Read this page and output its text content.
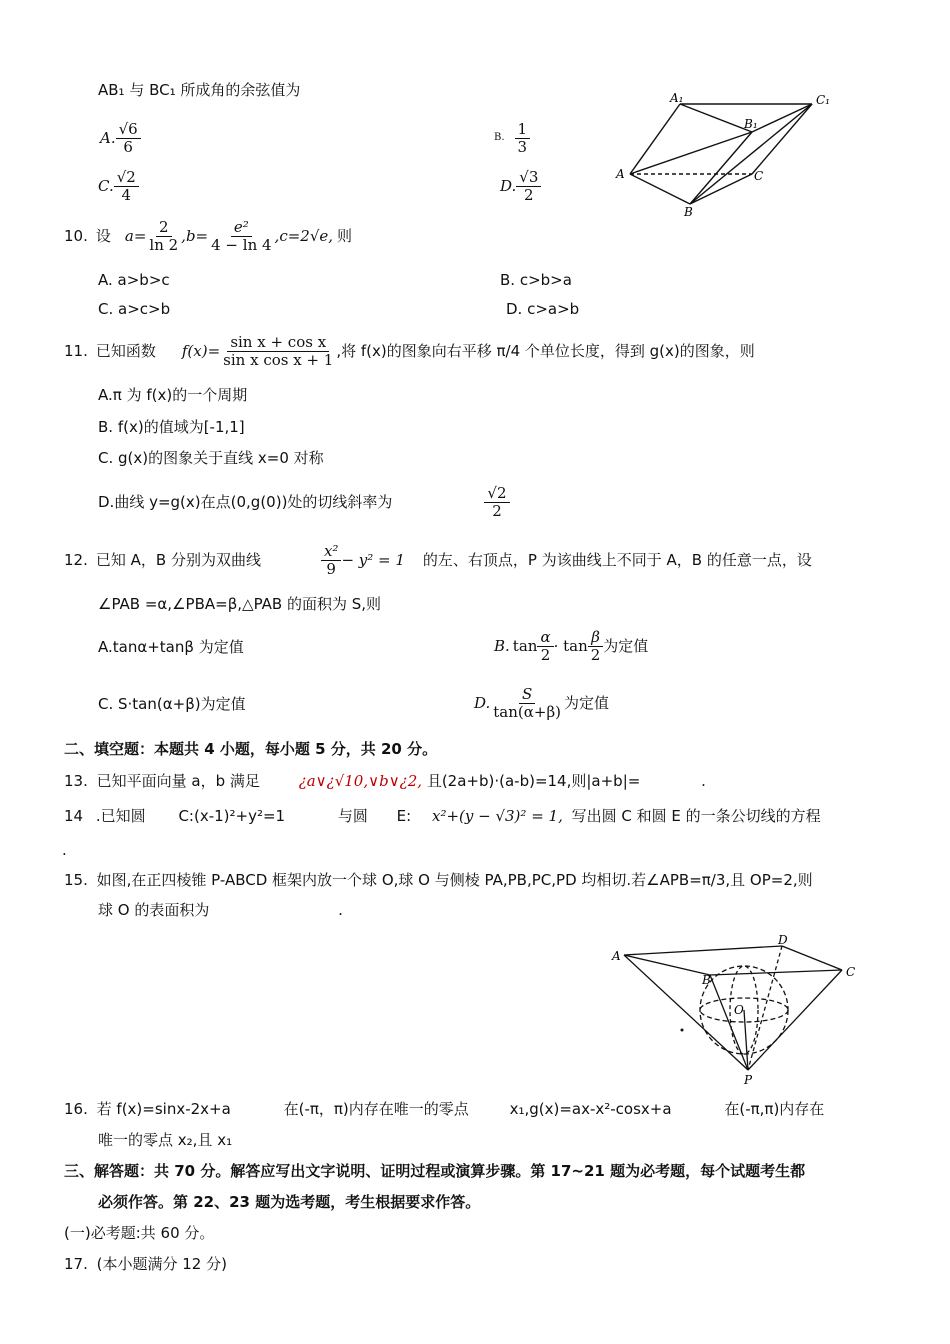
AB₁ 与 BC₁ 所成角的余弦值为
A. $\frac{√6}{6}$	B. $\frac{1}{3}$
C. $\frac{√2}{4}$	D. $\frac{√3}{2}$
A₁	C₁
B₁
A	C
B
10. 设 $a= \frac{2}{\ln 2} ,b= \frac{\text{e²}}{4 - \ln 4} ,c=2√e$, 则
A. a>b>c	B. c>b>a
C. a>c>b	D. c>a>b
11. 已知函数 $f(x)= \frac{\text{sin x + cos x}}{\text{sin x cos x + 1}}$ ,将 f(x)的图象向右平移 π/4 个单位长度，得到 g(x)的图象，则
A.π 为 f(x)的一个周期
B. f(x)的值域为[-1,1]
C. g(x)的图象关于直线 x=0 对称
D.曲线 y=g(x)在点(0,g(0))处的切线斜率为	$\frac{√2}{2}$
12. 已知 A，B 分别为双曲线	$\frac{\text{x²}}{9} - y^2 = 1$ 的左、右顶点，P 为该曲线上不同于 A，B 的任意一点，设
∠PAB =α,∠PBA=β,△PAB 的面积为 S,则
A.tanα+tanβ 为定值	B. $\tan \frac{\alpha}{2} \cdot \tan \frac{\beta}{2}$ 为定值
C. S·tan(α+β)为定值	D. $\frac{S}{\tan(\alpha+\beta)}$ 为定值
二、填空题：本题共 4 小题，每小题 5 分，共 20 分。
13. 已知平面向量 a，b 满足	¿a∨¿√10,∨b∨¿2, 且(2a+b)·(a-b)=14,则|a+b|=	.
14 .已知圆 C:(x-1)²+y²=1	与圆 E: x²+(y − √3)² = 1, 写出圆 C 和圆 E 的一条公切线的方程
.
15. 如图,在正四棱锥 P-ABCD 框架内放一个球 O,球 O 与侧棱 PA,PB,PC,PD 均相切.若∠APB=π/3,且 OP=2,则
球 O 的表面积为	.
A
D
C
B
O
P
16. 若 f(x)=sinx-2x+a	在(-π，π)内存在唯一的零点	x₁,g(x)=ax-x²-cosx+a	在(-π,π)内存在
唯一的零点 x₂,且 x₁
三、解答题：共 70 分。解答应写出文字说明、证明过程或演算步骤。第 17~21 题为必考题，每个试题考生都
必须作答。第 22、23 题为选考题，考生根据要求作答。
(一)必考题:共 60 分。
17. (本小题满分 12 分)
